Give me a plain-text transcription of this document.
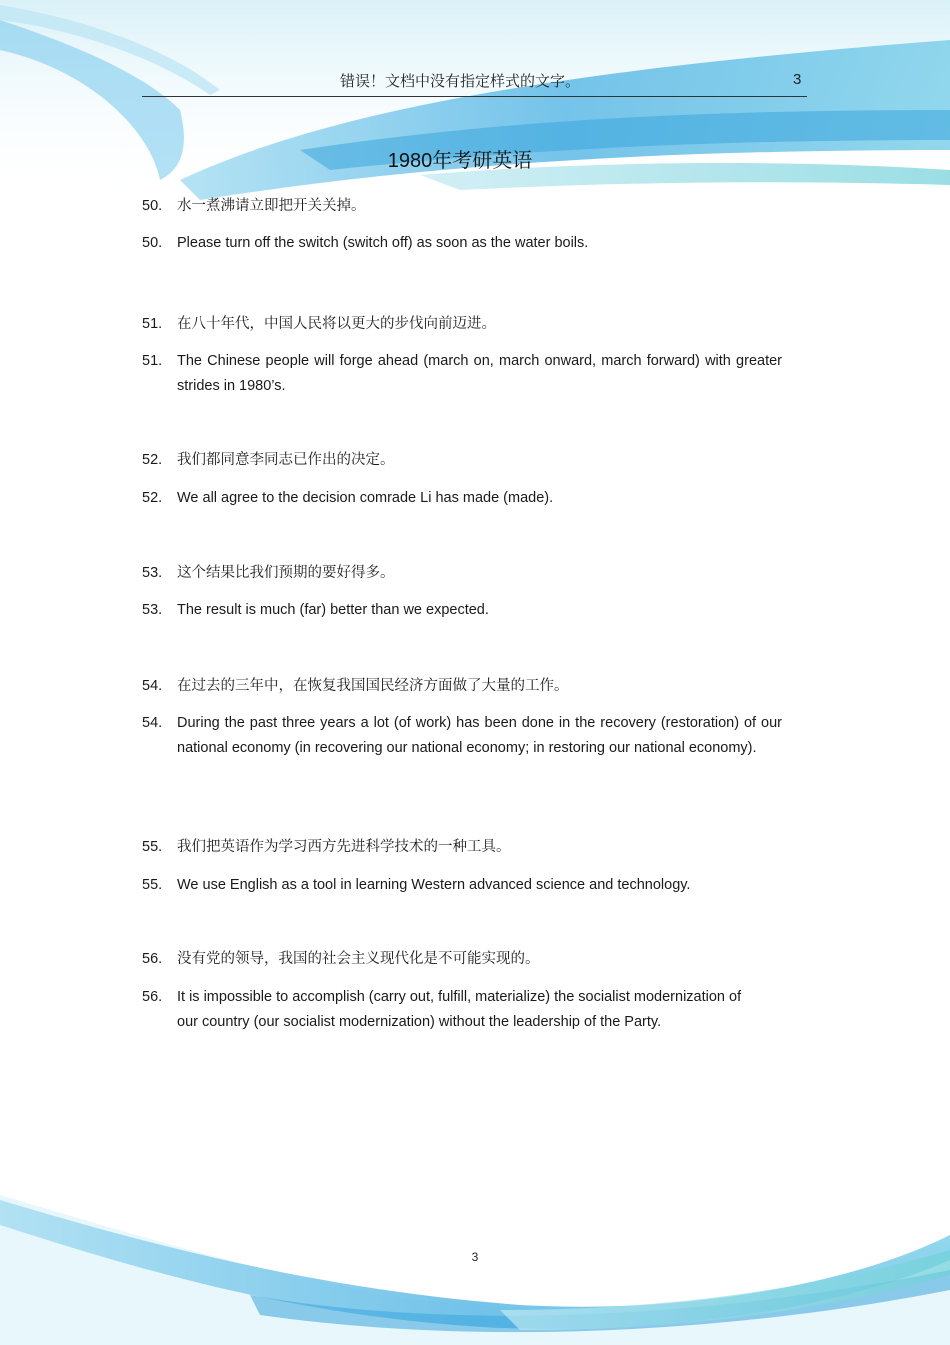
错误！文档中没有指定样式的文字。	3
1980年考研英语
50.	水一煮沸请立即把开关关掉。
50.	Please turn off the switch (switch off) as soon as the water boils.
51.	在八十年代，中国人民将以更大的步伐向前迈进。
51.	The Chinese people will forge ahead (march on, march onward, march forward) with greater strides in 1980’s.
52.	我们都同意李同志已作出的决定。
52.	We all agree to the decision comrade Li has made (made).
53.	这个结果比我们预期的要好得多。
53.	The result is much (far) better than we expected.
54.	在过去的三年中，在恢复我国国民经济方面做了大量的工作。
54.	During the past three years a lot (of work) has been done in the recovery (restoration) of our national economy (in recovering our national economy; in restoring our national economy).
55.	我们把英语作为学习西方先进科学技术的一种工具。
55.	We use English as a tool in learning Western advanced science and technology.
56.	没有党的领导，我国的社会主义现代化是不可能实现的。
56.	It is impossible to accomplish (carry out, fulfill, materialize) the socialist modernization of our country (our socialist modernization) without the leadership of the Party.
3
